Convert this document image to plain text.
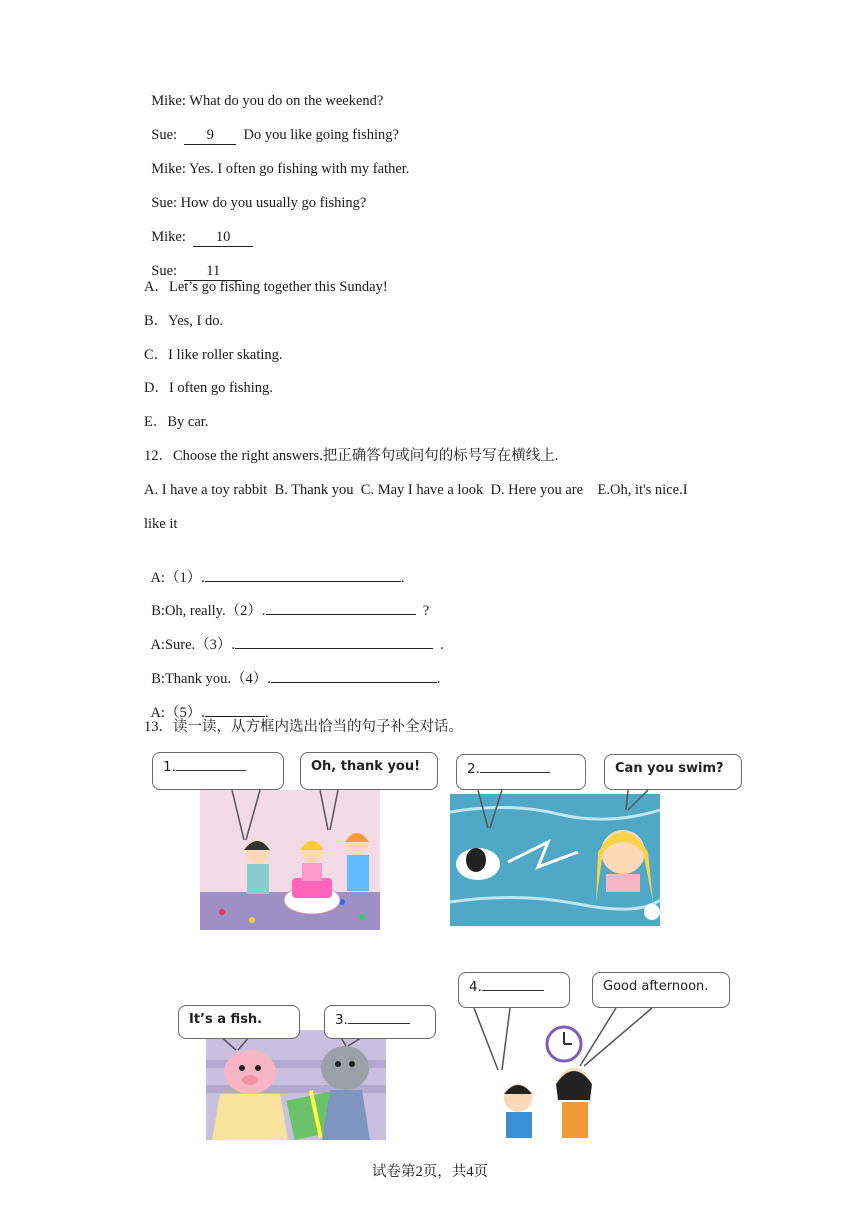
Mike: What do you do on the weekend?

Sue: 9 Do you like going fishing?

Mike: Yes. I often go fishing with my father.

Sue: How do you usually go fishing?

Mike: 10

Sue: 11

A．Let’s go fishing together this Sunday!
B．Yes, I do.
C．I like roller skating.
D．I often go fishing.
E．By car.
12．Choose the right answers.把正确答句或问句的标号写在横线上.
A. I have a toy rabbit  B. Thank you  C. May I have a look  D. Here you are    E.Oh, it's nice.I
like it

A:（1）.	.

B:Oh, really.（2）.	?

A:Sure.（3）.	.

B:Thank you.（4）.	.

A:（5）.	.

13．读一读，从方框内选出恰当的句子补全对话。
1.	Oh, thank you!	2.	Can you swim?
It’s a fish.	3.
4.	Good afternoon.
试卷第2页，共4页
